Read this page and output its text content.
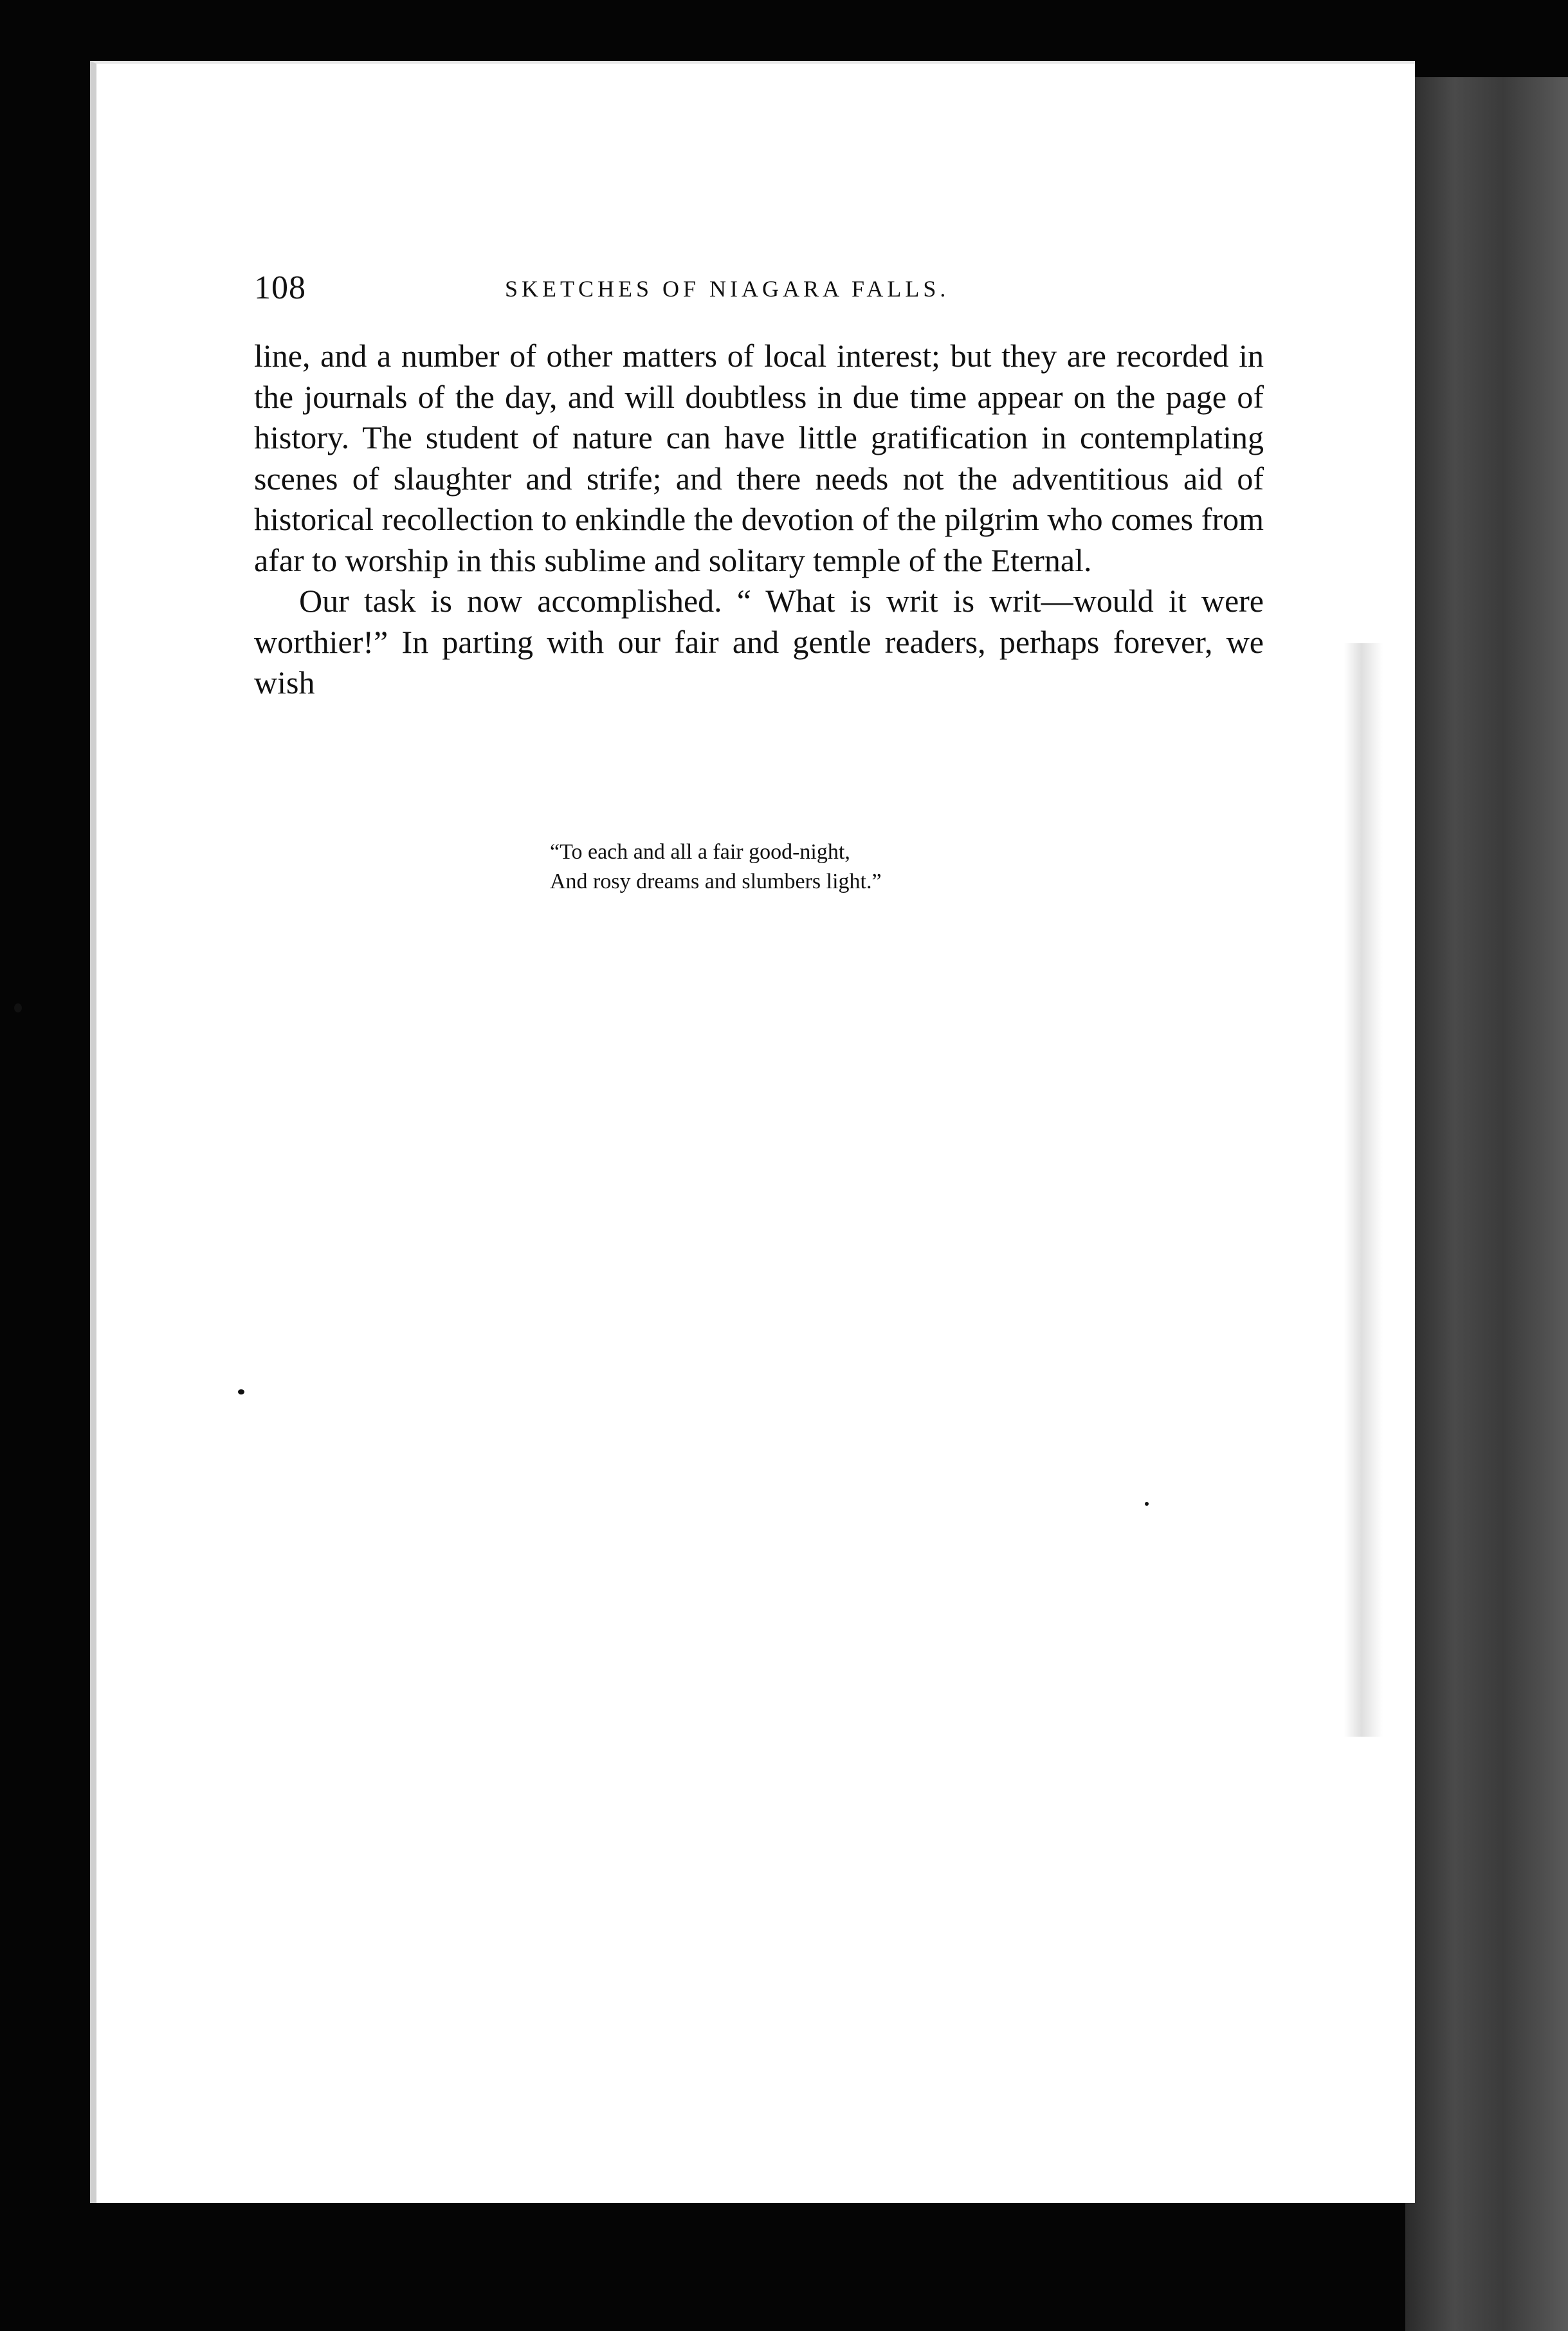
108	SKETCHES OF NIAGARA FALLS.

line, and a number of other matters of local interest; but they are recorded in the journals of the day, and will doubtless in due time appear on the page of history. The student of nature can have little gratification in contemplating scenes of slaughter and strife; and there needs not the adventitious aid of historical recollection to enkindle the devotion of the pilgrim who comes from afar to worship in this sublime and solitary temple of the Eternal.

Our task is now accomplished. “ What is writ is writ—would it were worthier!” In parting with our fair and gentle readers, perhaps forever, we wish

“To each and all a fair good-night,
And rosy dreams and slumbers light.”
